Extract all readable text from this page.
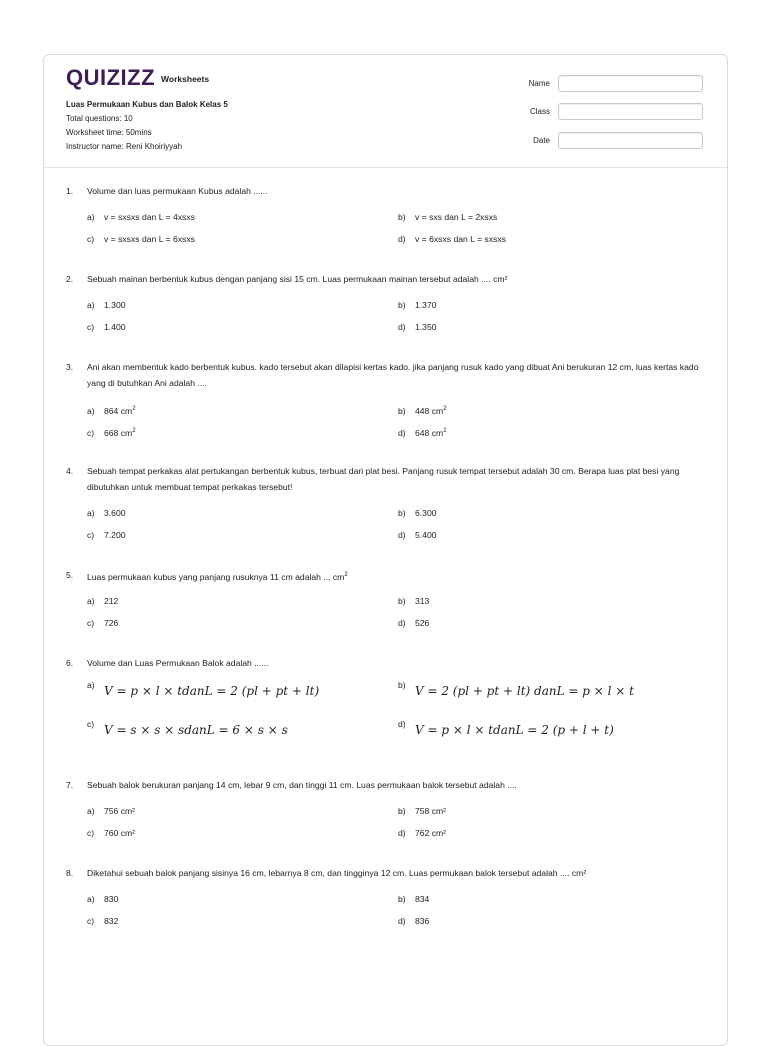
QUIZIZZ Worksheets
Luas Permukaan Kubus dan Balok Kelas 5
Total questions: 10
Worksheet time: 50mins
Instructor name: Reni Khoiriyyah
Name
Class
Date
1.	Volume dan luas permukaan Kubus adalah ......
a) v = sxsxs dan L = 4xsxs	b) v = sxs dan L = 2xsxs
c) v = sxsxs dan L = 6xsxs	d) v = 6xsxs dan L = sxsxs
2.	Sebuah mainan berbentuk kubus dengan panjang sisi 15 cm. Luas permukaan mainan tersebut adalah .... cm²
a) 1.300	b) 1.370
c) 1.400	d) 1.350
3.	Ani akan membentuk kado berbentuk kubus. kado tersebut akan dilapisi kertas kado. jika panjang rusuk kado yang dibuat Ani berukuran 12 cm, luas kertas kado yang di butuhkan Ani adalah ....
a) 864 $cm^2$	b) 448 $cm^2$
c) 668 $cm^2$	d) 648 $cm^2$
4.	Sebuah tempat perkakas alat pertukangan berbentuk kubus, terbuat dari plat besi. Panjang rusuk tempat tersebut adalah 30 cm. Berapa luas plat besi yang dibutuhkan untuk membuat tempat perkakas tersebut!
a) 3.600	b) 6.300
c) 7.200	d) 5.400
5.	Luas permukaan kubus yang panjang rusuknya 11 cm adalah ... $cm^2$
a) 212	b) 313
c) 726	d) 526
6.	Volume dan Luas Permukaan Balok adalah ......
a) V = p × l × tdanL = 2 (pl + pt + lt)	b) V = 2 (pl + pt + lt) danL = p × l × t
c) V = s × s × sdanL = 6 × s × s	d) V = p × l × tdanL = 2 (p + l + t)
7.	Sebuah balok berukuran panjang 14 cm, lebar 9 cm, dan tinggi 11 cm. Luas permukaan balok tersebut adalah ....
a) 756 cm²	b) 758 cm²
c) 760 cm²	d) 762 cm²
8.	Diketahui sebuah balok panjang sisinya 16 cm, lebarnya 8 cm, dan tingginya 12 cm. Luas permukaan balok tersebut adalah .... cm²
a) 830	b) 834
c) 832	d) 836
